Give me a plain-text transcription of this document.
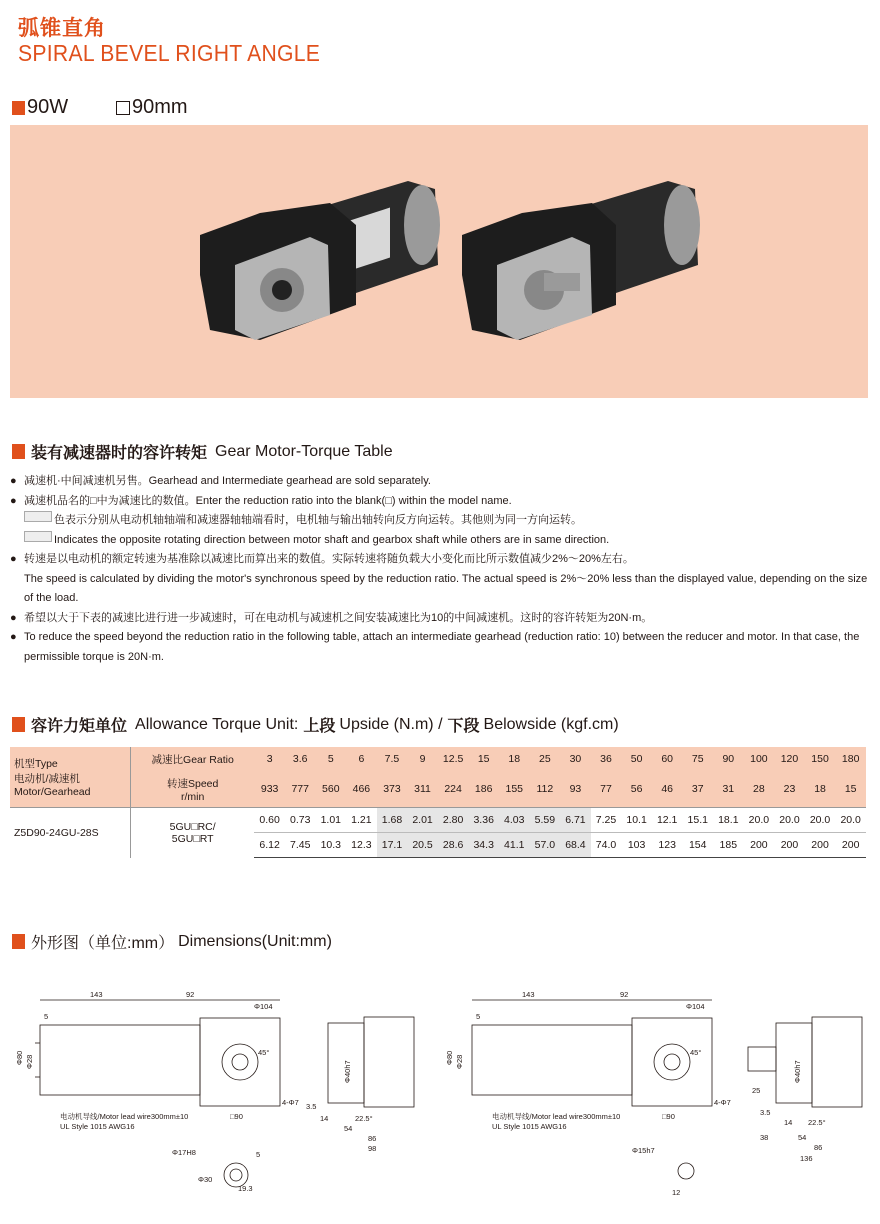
弧锥直角
SPIRAL BEVEL RIGHT ANGLE
90W	90mm
装有减速器时的容许转矩 Gear Motor-Torque Table
● 减速机·中间减速机另售。Gearhead and Intermediate gearhead are sold separately.
● 减速机品名的□中为减速比的数值。Enter the reduction ratio into the blank(□) within the model name.
色表示分别从电动机轴轴端和减速器轴轴端看时，电机轴与输出轴转向反方向运转。其他则为同一方向运转。
Indicates the opposite rotating direction between motor shaft and gearbox shaft while others are in same direction.
● 转速是以电动机的额定转速为基准除以减速比而算出来的数值。实际转速将随负载大小变化而比所示数值减少2%～20%左右。
The speed is calculated by dividing the motor's synchronous speed by the reduction ratio. The actual speed is 2%～20% less than the displayed value, depending on the size of the load.
● 希望以大于下表的减速比进行进一步减速时，可在电动机与减速机之间安装减速比为10的中间减速机。这时的容许转矩为20N·m。
● To reduce the speed beyond the reduction ratio in the following table, attach an intermediate gearhead (reduction ratio: 10) between the reducer and motor. In that case, the permissible torque is 20N·m.
容许力矩单位 Allowance Torque Unit: 上段 Upside (N.m) / 下段 Belowside (kgf.cm)
机型Type
电动机/减速机
Motor/Gearhead	减速比Gear Ratio	3	3.6	5	6	7.5	9	12.5	15	18	25	30	36	50	60	75	90	100	120	150	180

	转速Speed
r/min	933	777	560	466	373	311	224	186	155	112	93	77	56	46	37	31	28	23	18	15
Z5D90-24GU-28S	5GU□RC/
5GU□RT	0.60	0.73	1.01	1.21	1.68	2.01	2.80	3.36	4.03	5.59	6.71	7.25	10.1	12.1	15.1	18.1	20.0	20.0	20.0	20.0
		6.12	7.45	10.3	12.3	17.1	20.5	28.6	34.3	41.1	57.0	68.4	74.0	103	123	154	185	200	200	200	200
外形图（单位:mm） Dimensions(Unit:mm)
143	92
Φ104
5
Φ80 Φ28
45°
4-Φ7
□90
电动机导线/Motor lead wire300mm±10
UL Style 1015 AWG16
Φ17H8
Φ30
19.3
5
Φ40h7
3.5
22.5°
54
86
98
14
143	92
Φ104
5
Φ80 Φ28
45°
4-Φ7
□90
电动机导线/Motor lead wire300mm±10
UL Style 1015 AWG16
Φ15h7
12
Φ40h7
25
3.5
14 22.5°
38	54
86
136
